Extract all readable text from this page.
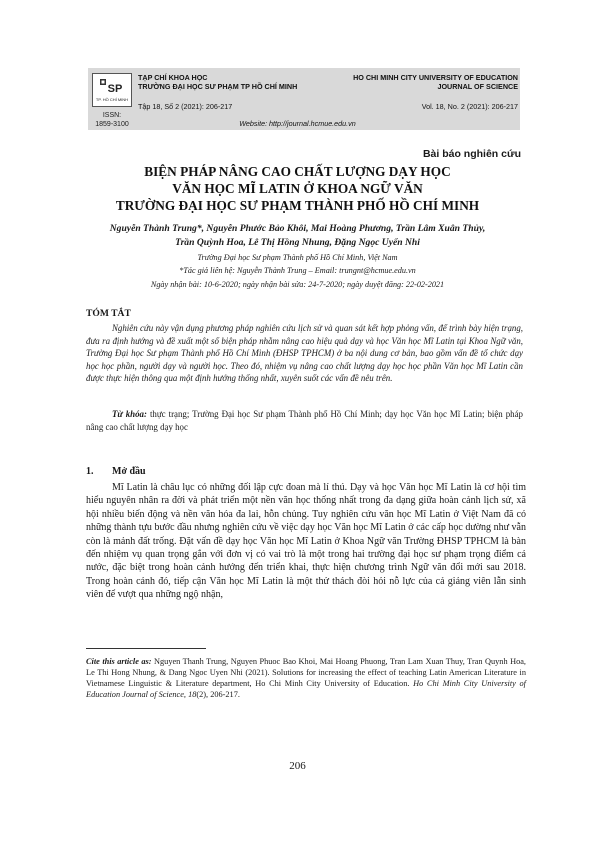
SP
TP. HỒ CHÍ MINH
TẠP CHÍ KHOA HỌC
TRƯỜNG ĐẠI HỌC SƯ PHẠM TP HỒ CHÍ MINH
HO CHI MINH CITY UNIVERSITY OF EDUCATION
JOURNAL OF SCIENCE
Tập 18, Số 2 (2021): 206-217	Vol. 18, No. 2 (2021): 206-217
ISSN:
1859-3100	Website: http://journal.hcmue.edu.vn
Bài báo nghiên cứu
BIỆN PHÁP NÂNG CAO CHẤT LƯỢNG DẠY HỌC
VĂN HỌC MĨ LATIN Ở KHOA NGỮ VĂN
TRƯỜNG ĐẠI HỌC SƯ PHẠM THÀNH PHỐ HỒ CHÍ MINH
Nguyễn Thành Trung*, Nguyễn Phước Bảo Khôi, Mai Hoàng Phương, Trần Lâm Xuân Thủy,
Trần Quỳnh Hoa, Lê Thị Hồng Nhung, Đặng Ngọc Uyển Nhi
Trường Đại học Sư phạm Thành phố Hồ Chí Minh, Việt Nam
*Tác giả liên hệ: Nguyễn Thành Trung – Email: trungnt@hcmue.edu.vn
Ngày nhận bài: 10-6-2020; ngày nhận bài sửa: 24-7-2020; ngày duyệt đăng: 22-02-2021
TÓM TẮT
Nghiên cứu này vận dụng phương pháp nghiên cứu lịch sử và quan sát kết hợp phỏng vấn, để trình bày hiện trạng, đưa ra định hướng và đề xuất một số biện pháp nhằm nâng cao hiệu quả dạy và học Văn học Mĩ Latin tại Khoa Ngữ văn, Trường Đại học Sư phạm Thành phố Hồ Chí Minh (ĐHSP TPHCM) ở ba nội dung cơ bản, bao gồm vấn đề tổ chức dạy học học phần, người dạy và người học. Theo đó, nhiệm vụ nâng cao chất lượng dạy học học phần Văn học Mĩ Latin cần được thực hiện thông qua một định hướng thống nhất, xuyên suốt các vấn đề nêu trên.
Từ khóa: thực trạng; Trường Đại học Sư phạm Thành phố Hồ Chí Minh; dạy học Văn học Mĩ Latin; biện pháp nâng cao chất lượng dạy học
1. Mở đầu
Mĩ Latin là châu lục có những đối lập cực đoan mà lí thú. Dạy và học Văn học Mĩ Latin là cơ hội tìm hiểu nguyên nhân ra đời và phát triển một nền văn học thống nhất trong đa dạng giữa hoàn cảnh lịch sử, xã hội nhiều biến động và nền văn hóa đa lai, hỗn chủng. Tuy nghiên cứu văn học Mĩ Latin ở Việt Nam đã có những thành tựu bước đầu nhưng nghiên cứu về việc dạy học Văn học Mĩ Latin ở các cấp học dường như vẫn còn là mảnh đất trống. Đặt vấn đề dạy học Văn học Mĩ Latin ở Khoa Ngữ văn Trường ĐHSP TPHCM là bàn đến nhiệm vụ quan trọng gắn với đơn vị có vai trò là một trong hai trường đại học sư phạm trọng điểm cả nước, đặc biệt trong hoàn cảnh hướng đến triển khai, thực hiện chương trình Ngữ văn đổi mới sau 2018. Trong hoàn cảnh đó, tiếp cận Văn học Mĩ Latin là một thử thách đòi hỏi nỗ lực của cả giảng viên lẫn sinh viên để vượt qua những ngộ nhận,
Cite this article as: Nguyen Thanh Trung, Nguyen Phuoc Bao Khoi, Mai Hoang Phuong, Tran Lam Xuan Thuy, Tran Quynh Hoa, Le Thi Hong Nhung, & Dang Ngoc Uyen Nhi (2021). Solutions for increasing the effect of teaching Latin American Literature in Vietnamese Linguistic & Literature department, Ho Chi Minh City University of Education. Ho Chi Minh City University of Education Journal of Science, 18(2), 206-217.
206
